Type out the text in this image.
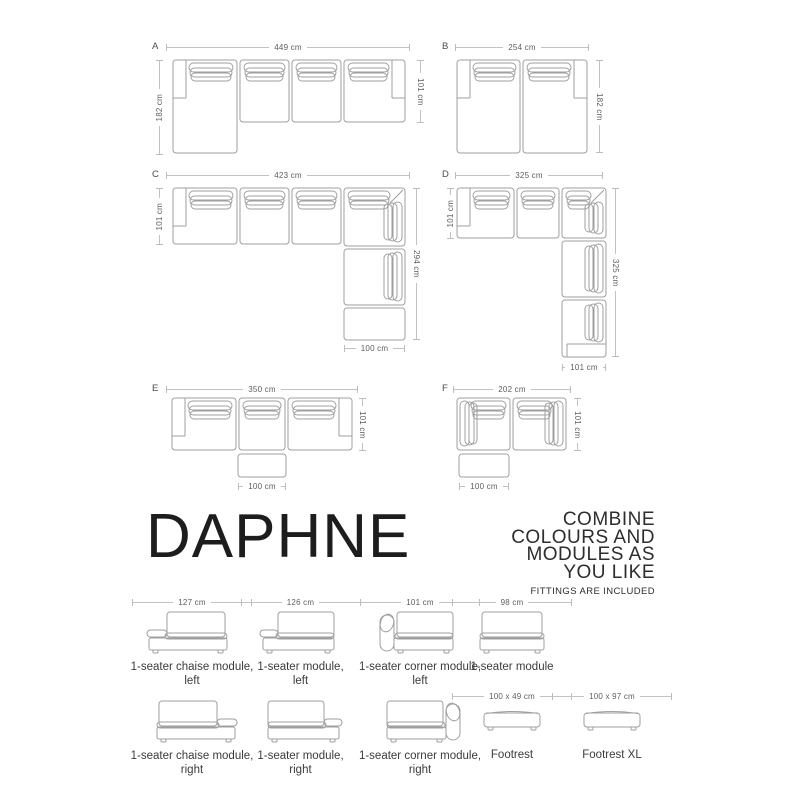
A	449 cm
182 cm
101 cm
B	254 cm
182 cm
C	423 cm
101 cm
294 cm
100 cm
D	325 cm
101 cm
325 cm
101 cm
E	350 cm
101 cm
100 cm
F	202 cm
101 cm
100 cm
DAPHNE	COMBINE
COLOURS AND
MODULES AS
YOU LIKE
FITTINGS ARE INCLUDED
127 cm
1-seater chaise module,
left
126 cm
1-seater module,
left
101 cm
1-seater corner module,
left
98 cm
1-seater module
1-seater chaise module,
right
1-seater module,
right
1-seater corner module,
right
100 x 49 cm
Footrest
100 x 97 cm
Footrest XL
